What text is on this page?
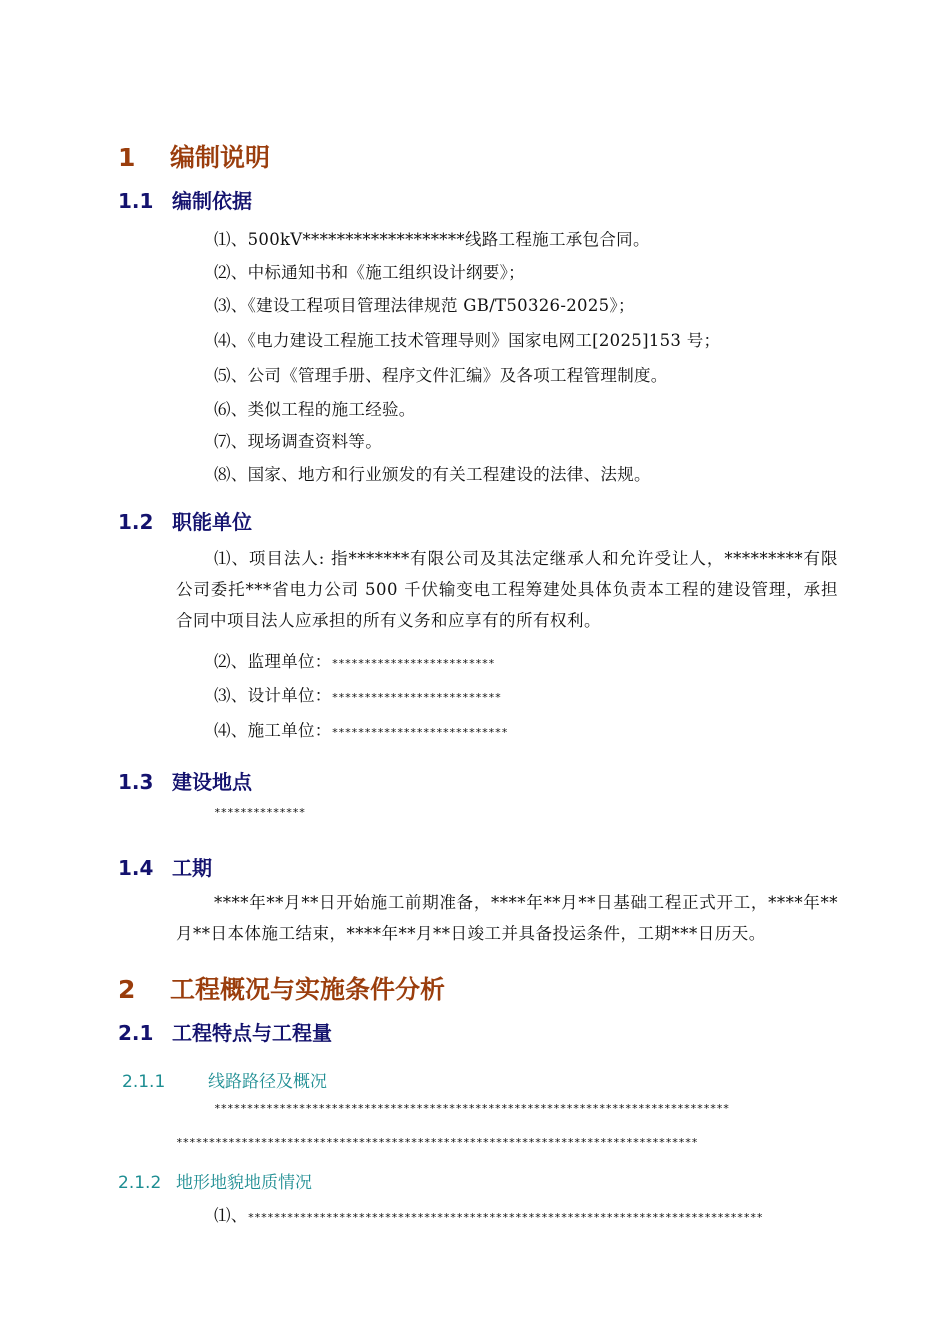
1 编制说明
1.1 编制依据
⑴、500kV*******************线路工程施工承包合同。
⑵、中标通知书和《施工组织设计纲要》；
⑶、《建设工程项目管理法律规范 GB/T50326-2025》；
⑷、《电力建设工程施工技术管理导则》国家电网工[2025]153 号；
⑸、公司《管理手册、程序文件汇编》及各项工程管理制度。
⑹、类似工程的施工经验。
⑺、现场调查资料等。
⑻、国家、地方和行业颁发的有关工程建设的法律、法规。
1.2 职能单位
⑴、项目法人: 指*******有限公司及其法定继承人和允许受让人，*********有限公司委托***省电力公司 500 千伏输变电工程筹建处具体负责本工程的建设管理，承担合同中项目法人应承担的所有义务和应享有的所有权利。
⑵、监理单位：*************************
⑶、设计单位：**************************
⑷、施工单位：***************************
1.3 建设地点
**************
1.4 工期
****年**月**日开始施工前期准备，****年**月**日基础工程正式开工，****年**月**日本体施工结束，****年**月**日竣工并具备投运条件，工期***日历天。
2 工程概况与实施条件分析
2.1 工程特点与工程量
2.1.1	线路路径及概况
*******************************************************************************
********************************************************************************
2.1.2 地形地貌地质情况
⑴、*******************************************************************************
